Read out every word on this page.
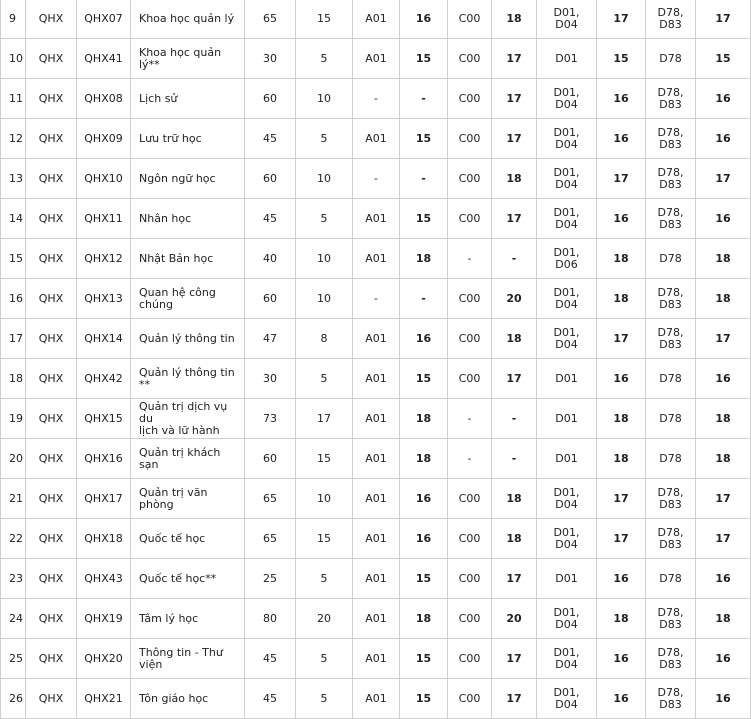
9	QHX	QHX07	Khoa học quản lý	65	15	A01	16	C00	18	D01,
D04	17	D78,
D83	17
10	QHX	QHX41	Khoa học quản lý**	30	5	A01	15	C00	17	D01	15	D78	15
11	QHX	QHX08	Lịch sử	60	10	-	-	C00	17	D01,
D04	16	D78,
D83	16
12	QHX	QHX09	Lưu trữ học	45	5	A01	15	C00	17	D01,
D04	16	D78,
D83	16
13	QHX	QHX10	Ngôn ngữ học	60	10	-	-	C00	18	D01,
D04	17	D78,
D83	17
14	QHX	QHX11	Nhân học	45	5	A01	15	C00	17	D01,
D04	16	D78,
D83	16
15	QHX	QHX12	Nhật Bản học	40	10	A01	18	-	-	D01,
D06	18	D78	18
16	QHX	QHX13	Quan hệ công
chúng	60	10	-	-	C00	20	D01,
D04	18	D78,
D83	18
17	QHX	QHX14	Quản lý thông tin	47	8	A01	16	C00	18	D01,
D04	17	D78,
D83	17
18	QHX	QHX42	Quản lý thông tin **	30	5	A01	15	C00	17	D01	16	D78	16
19	QHX	QHX15	Quản trị dịch vụ du
lịch và lữ hành	73	17	A01	18	-	-	D01	18	D78	18
20	QHX	QHX16	Quản trị khách sạn	60	15	A01	18	-	-	D01	18	D78	18
21	QHX	QHX17	Quản trị văn phòng	65	10	A01	16	C00	18	D01,
D04	17	D78,
D83	17
22	QHX	QHX18	Quốc tế học	65	15	A01	16	C00	18	D01,
D04	17	D78,
D83	17
23	QHX	QHX43	Quốc tế học**	25	5	A01	15	C00	17	D01	16	D78	16
24	QHX	QHX19	Tâm lý học	80	20	A01	18	C00	20	D01,
D04	18	D78,
D83	18
25	QHX	QHX20	Thông tin - Thư
viện	45	5	A01	15	C00	17	D01,
D04	16	D78,
D83	16
26	QHX	QHX21	Tôn giáo học	45	5	A01	15	C00	17	D01,
D04	16	D78,
D83	16
